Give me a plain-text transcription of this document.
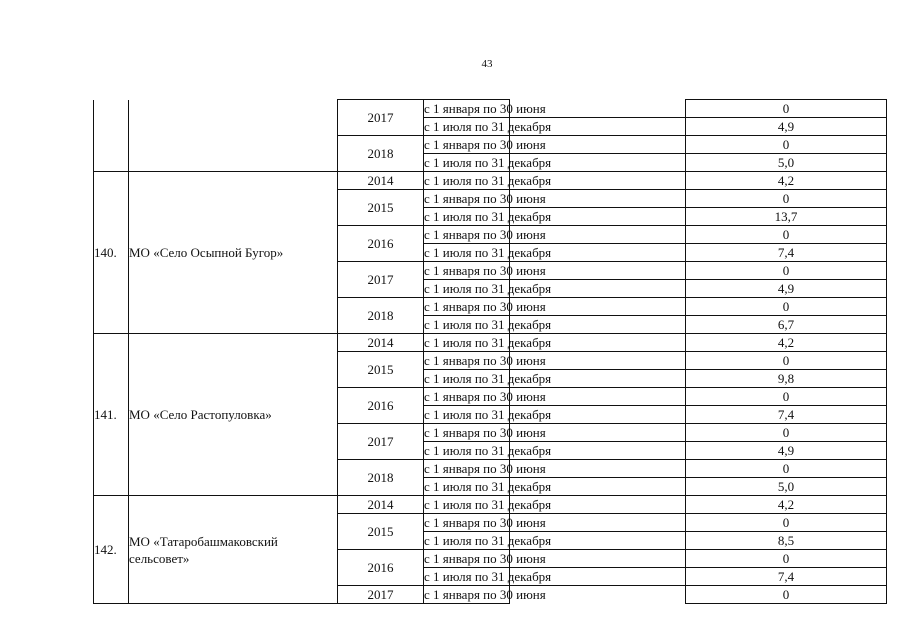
43
		2017	с 1 января по 30 июня		0
			с 1 июля по 31 декабря		4,9
		2018	с 1 января по 30 июня		0
			с 1 июля по 31 декабря		5,0
140.	МО «Село Осыпной Бугор»	2014	с 1 июля по 31 декабря		4,2
		2015	с 1 января по 30 июня		0
			с 1 июля по 31 декабря		13,7
		2016	с 1 января по 30 июня		0
			с 1 июля по 31 декабря		7,4
		2017	с 1 января по 30 июня		0
			с 1 июля по 31 декабря		4,9
		2018	с 1 января по 30 июня		0
			с 1 июля по 31 декабря		6,7
141.	МО «Село Растопуловка»	2014	с 1 июля по 31 декабря		4,2
		2015	с 1 января по 30 июня		0
			с 1 июля по 31 декабря		9,8
		2016	с 1 января по 30 июня		0
			с 1 июля по 31 декабря		7,4
		2017	с 1 января по 30 июня		0
			с 1 июля по 31 декабря		4,9
		2018	с 1 января по 30 июня		0
			с 1 июля по 31 декабря		5,0
142.	МО «Татаробашмаковский сельсовет»	2014	с 1 июля по 31 декабря		4,2
		2015	с 1 января по 30 июня		0
			с 1 июля по 31 декабря		8,5
		2016	с 1 января по 30 июня		0
			с 1 июля по 31 декабря		7,4
		2017	с 1 января по 30 июня		0
